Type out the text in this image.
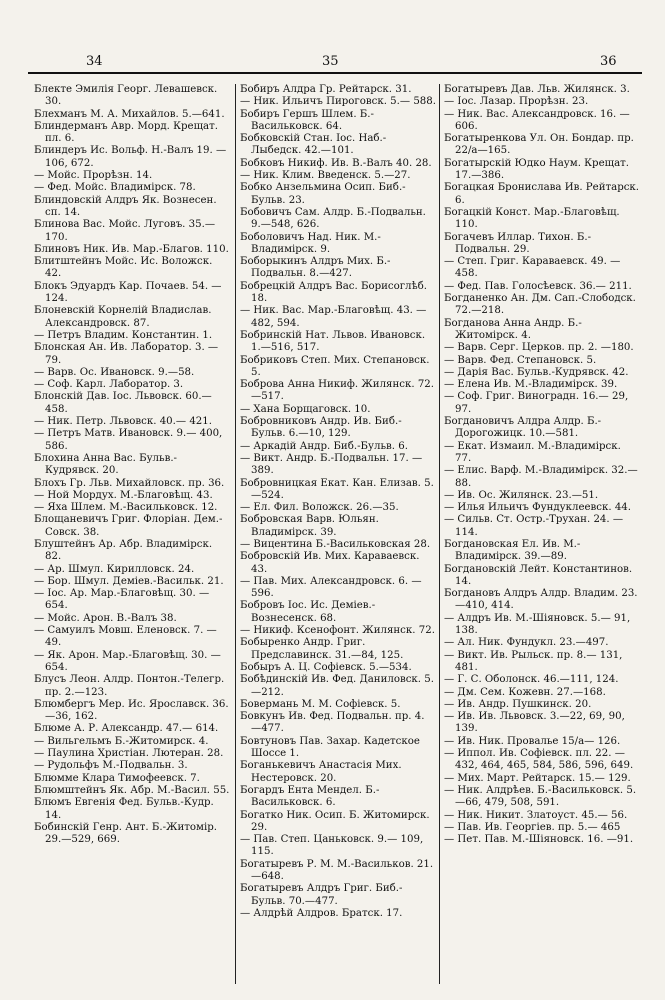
34	35	36

Блекте Эмилія Георг. Левашевск. 30.

Блехманъ М. А. Михайлов. 5.—641.

Блиндерманъ Авр. Морд. Крещат. пл. 6.

Блиндеръ Ис. Вольф. Н.-Валъ 19. —106, 672.

— Мойс. Прорѣзн. 14.

— Фед. Мойс. Владимірск. 78.

Блиндовскій Алдръ Як. Вознесен. сп. 14.

Блинова Вас. Мойс. Луговъ. 35.—170.

Блиновъ Ник. Ив. Мар.-Благов. 110.

Блитштейнъ Мойс. Ис. Воложск. 42.

Блокъ Эдуардъ Кар. Почаев. 54. —124.

Блоневскій Корнелій Владислав. Александровск. 87.

— Петръ Владим. Константин. 1.

Блонская Ан. Ив. Лаборатор. 3. —79.

— Варв. Ос. Ивановск. 9.—58.

— Соф. Карл. Лаборатор. 3.

Блонскій Дав. Іос. Львовск. 60.— 458.

— Ник. Петр. Львовск. 40.— 421.

— Петръ Матв. Ивановск. 9.— 400, 586.

Блохина Анна Вас. Бульв.-Кудрявск. 20.

Блохъ Гр. Льв. Михайловск. пр. 36.

— Ной Мордух. М.-Благовѣщ. 43.

— Яха Шлем. М.-Васильковск. 12.

Блощаневичъ Григ. Флоріан. Дем.-Совск. 38.

Блуштейнъ Ар. Абр. Владимірск. 82.

— Ар. Шмул. Кирилловск. 24.

— Бор. Шмул. Деміев.-Васильк. 21.

— Іос. Ар. Мар.-Благовѣщ. 30. —654.

— Мойс. Арон. В.-Валъ 38.

— Самуилъ Мовш. Еленовск. 7. —49.

— Як. Арон. Мар.-Благовѣщ. 30. —654.

Блусъ Леон. Алдр. Понтон.-Телегр. пр. 2.—123.

Блюмбергъ Мер. Ис. Ярославск. 36.—36, 162.

Блюме А. Р. Александр. 47.— 614.

— Вильгельмъ Б.-Житомирск. 4.

— Паулина Христіан. Лютеран. 28.

— Рудольфъ М.-Подвальн. 3.

Блюмме Клара Тимофеевск. 7.

Блюмштейнъ Як. Абр. М.-Васил. 55.

Блюмъ Евгенія Фед. Бульв.-Кудр. 14.

Бобинскій Генр. Ант. Б.-Житомір. 29.—529, 669.

Бобиръ Алдра Гр. Рейтарск. 31.

— Ник. Ильичъ Пироговск. 5.— 588.

Бобиръ Гершъ Шлем. Б.-Васильковск. 64.

Бобковскій Стан. Іос. Наб.-Лыбедск. 42.—101.

Бобковъ Никиф. Ив. В.-Валъ 40. 28.

— Ник. Клим. Введенск. 5.—27.

Бобко Анзельмина Осип. Биб.-Бульв. 23.

Бобовичъ Сам. Алдр. Б.-Подвальн. 9.—548, 626.

Боболовичъ Над. Ник. М.-Владимірск. 9.

Боборыкинъ Алдръ Мих. Б.-Подвальн. 8.—427.

Бобрецкій Алдръ Вас. Борисоглѣб. 18.

— Ник. Вас. Мар.-Благовѣщ. 43. —482, 594.

Бобринскій Нат. Львов. Ивановск. 1.—516, 517.

Бобриковъ Степ. Мих. Степановск. 5.

Боброва Анна Никиф. Жилянск. 72.—517.

— Хана Борщаговск. 10.

Бобровниковъ Андр. Ив. Биб.-Бульв. 6.—10, 129.

— Аркадій Андр. Биб.-Бульв. 6.

— Викт. Андр. Б.-Подвальн. 17. —389.

Бобровницкая Екат. Кан. Елизав. 5.—524.

— Ел. Фил. Воложск. 26.—35.

Бобровская Варв. Юльян. Владимірск. 39.

— Вицентина Б.-Васильковская 28.

Бобровскій Ив. Мих. Караваевск. 43.

— Пав. Мих. Александровск. 6. —596.

Бобровъ Іос. Ис. Деміев.-Вознесенск. 68.

— Никиф. Ксенофонт. Жилянск. 72.

Бобыренко Андр. Григ. Предславинск. 31.—84, 125.

Бобыръ А. Ц. Софіевск. 5.—534.

Бобѣдинскій Ив. Фед. Даниловск. 5.—212.

Бовермань М. М. Софіевск. 5.

Бовкунъ Ив. Фед. Подвальн. пр. 4. —477.

Бовтуновъ Пав. Захар. Кадетское Шоссе 1.

Боганькевичъ Анастасія Мих. Нестеровск. 20.

Богардъ Ента Мендел. Б.-Васильковск. 6.

Богатко Ник. Осип. Б. Житомирск. 29.

— Пав. Степ. Цаньковск. 9.— 109, 115.

Богатыревъ Р. М. М.-Васильков. 21.—648.

Богатыревъ Алдръ Григ. Биб.-Бульв. 70.—477.

— Алдрѣй Алдров. Братск. 17.

Богатыревъ Дав. Льв. Жилянск. 3.

— Іос. Лазар. Прорѣзн. 23.

— Ник. Вас. Александровск. 16. —606.

Богатыренкова Ул. Он. Бондар. пр. 22/а—165.

Богатырскій Юдко Наум. Крещат. 17.—386.

Богацкая Бронислава Ив. Рейтарск. 6.

Богацкій Конст. Мар.-Благовѣщ. 110.

Богачевъ Иллар. Тихон. Б.-Подвальн. 29.

— Степ. Григ. Караваевск. 49. —458.

— Фед. Пав. Голосѣевск. 36.— 211.

Богданенко Ан. Дм. Сап.-Слободск. 72.—218.

Богданова Анна Андр. Б.-Житомірск. 4.

— Варв. Серг. Церков. пр. 2. —180.

— Варв. Фед. Степановск. 5.

— Дарія Вас. Бульв.-Кудрявск. 42.

— Елена Ив. М.-Владимірск. 39.

— Соф. Григ. Виноградн. 16.— 29, 97.

Богдановичъ Алдра Алдр. Б.-Дорогожицк. 10.—581.

— Екат. Измаил. М.-Владимірск. 77.

— Елис. Варф. М.-Владимірск. 32.—88.

— Ив. Ос. Жилянск. 23.—51.

— Илья Ильичъ Фундуклеевск. 44.

— Сильв. Ст. Остр.-Трухан. 24. —114.

Богдановская Ел. Ив. М.-Владимірск. 39.—89.

Богдановскій Лейт. Константинов. 14.

Богдановъ Алдръ Алдр. Владим. 23.—410, 414.

— Алдръ Ив. М.-Шіяновск. 5.— 91, 138.

— Ал. Ник. Фундукл. 23.—497.

— Викт. Ив. Рыльск. пр. 8.— 131, 481.

— Г. С. Оболонск. 46.—111, 124.

— Дм. Сем. Кожевн. 27.—168.

— Ив. Андр. Пушкинск. 20.

— Ив. Ив. Львовск. 3.—22, 69, 90, 139.

— Ив. Ник. Провалье 15/а— 126.

— Иппол. Ив. Софіевск. пл. 22. —432, 464, 465, 584, 586, 596, 649.

— Мих. Март. Рейтарск. 15.— 129.

— Ник. Алдрѣев. Б.-Васильковск. 5.—66, 479, 508, 591.

— Ник. Никит. Златоуст. 45.— 56.

— Пав. Ив. Георгіев. пр. 5.— 465

— Пет. Пав. М.-Шіяновск. 16. —91.
